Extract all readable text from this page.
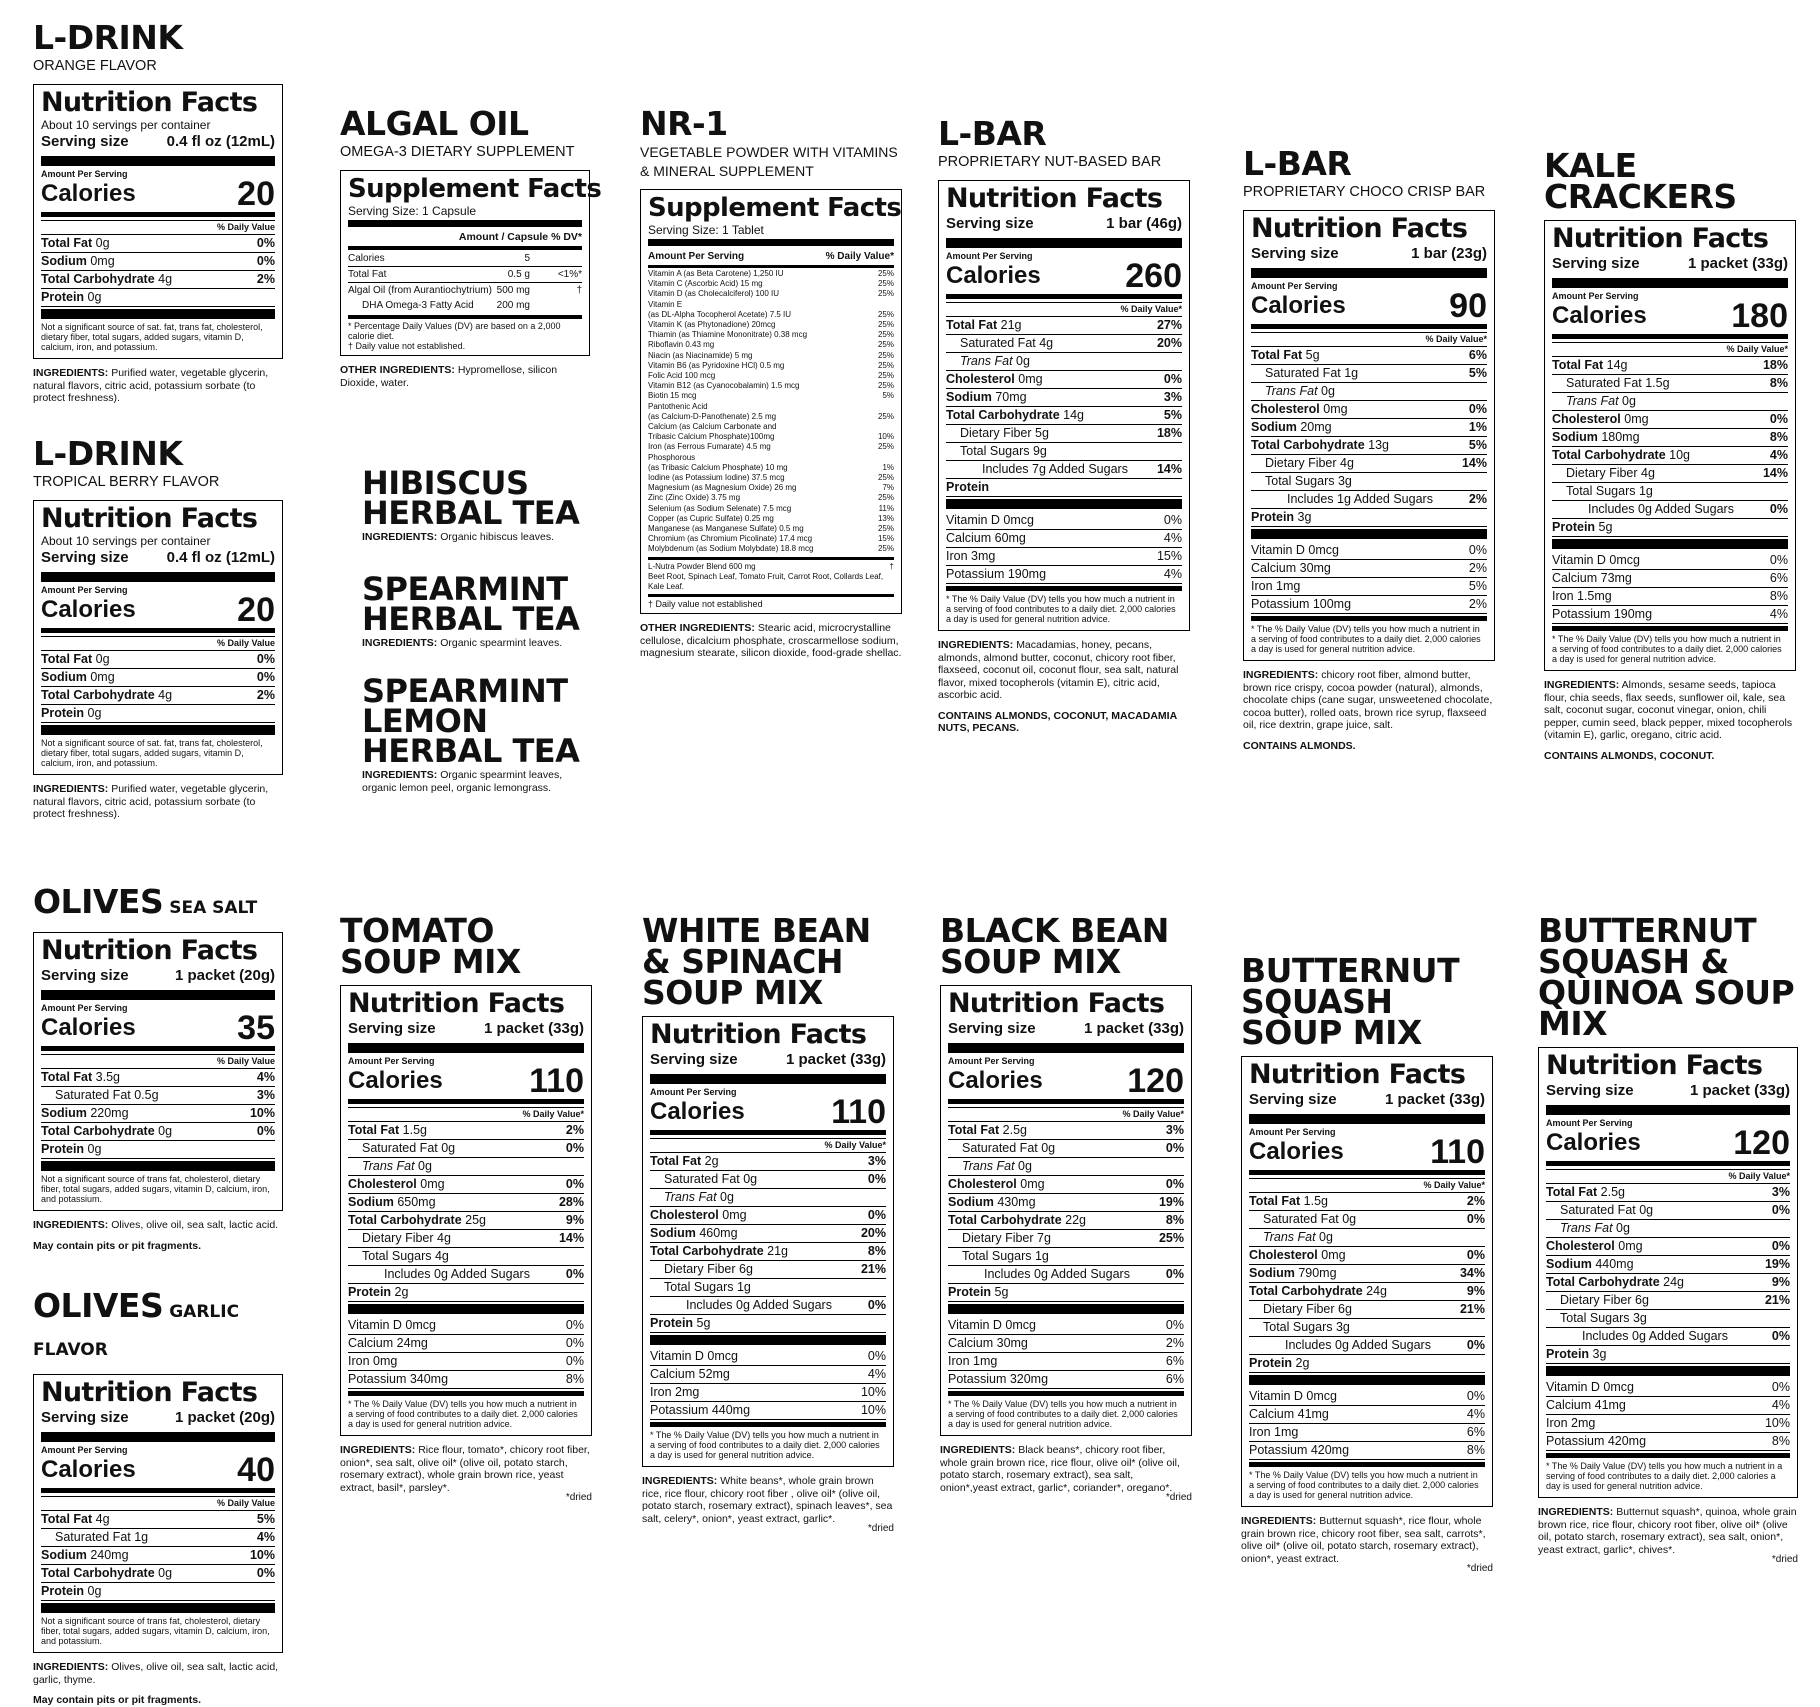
L-DRINK
ORANGE FLAVOR
Nutrition Facts
About 10 servings per container
Serving size	0.4 fl oz (12mL)
Amount Per Serving
Calories	20
% Daily Value
Total Fat 0g	0%
Sodium 0mg	0%
Total Carbohydrate 4g	2%
Protein 0g
Not a significant source of sat. fat, trans fat, cholesterol, dietary fiber, total sugars, added sugars, vitamin D, calcium, iron, and potassium.
INGREDIENTS: Purified water, vegetable glycerin, natural flavors, citric acid, potassium sorbate (to protect freshness).
L-DRINK
TROPICAL BERRY FLAVOR
Nutrition Facts
About 10 servings per container
Serving size	0.4 fl oz (12mL)
Amount Per Serving
Calories	20
% Daily Value
Total Fat 0g	0%
Sodium 0mg	0%
Total Carbohydrate 4g	2%
Protein 0g
Not a significant source of sat. fat, trans fat, cholesterol, dietary fiber, total sugars, added sugars, vitamin D, calcium, iron, and potassium.
INGREDIENTS: Purified water, vegetable glycerin, natural flavors, citric acid, potassium sorbate (to protect freshness).
ALGAL OIL
OMEGA-3 DIETARY SUPPLEMENT
Supplement Facts
Serving Size: 1 Capsule
Amount / Capsule % DV*
Calories	5
Total Fat	0.5 g	<1%*
Algal Oil (from Aurantiochytrium) 500 mg	†
DHA Omega-3 Fatty Acid 200 mg
* Percentage Daily Values (DV) are based on a 2,000 calorie diet.
† Daily value not established.
OTHER INGREDIENTS: Hypromellose, silicon Dioxide, water.
HIBISCUS HERBAL TEA
INGREDIENTS: Organic hibiscus leaves.
SPEARMINT HERBAL TEA
INGREDIENTS: Organic spearmint leaves.
SPEARMINT LEMON HERBAL TEA
INGREDIENTS: Organic spearmint leaves, organic lemon peel, organic lemongrass.
NR-1
VEGETABLE POWDER WITH VITAMINS & MINERAL SUPPLEMENT
Supplement Facts
Serving Size: 1 Tablet
Amount Per Serving	% Daily Value*
Vitamin A (as Beta Carotene) 1,250 IU	25%
Vitamin C (Ascorbic Acid) 15 mg	25%
Vitamin D (as Cholecalciferol) 100 IU	25%
Vitamin E
(as DL-Alpha Tocopherol Acetate) 7.5 IU	25%
Vitamin K (as Phytonadione) 20mcg	25%
Thiamin (as Thiamine Mononitrate) 0.38 mcg	25%
Riboflavin 0.43 mg	25%
Niacin (as Niacinamide) 5 mg	25%
Vitamin B6 (as Pyridoxine HCl) 0.5 mg	25%
Folic Acid 100 mcg	25%
Vitamin B12 (as Cyanocobalamin) 1.5 mcg	25%
Biotin 15 mcg	5%
Pantothenic Acid
(as Calcium-D-Panothenate) 2.5 mg	25%
Calcium (as Calcium Carbonate and
Tribasic Calcium Phosphate)100mg	10%
Iron (as Ferrous Fumarate) 4.5 mg	25%
Phosphorous
(as Tribasic Calcium Phosphate) 10 mg	1%
Iodine (as Potassium Iodine) 37.5 mcg	25%
Magnesium (as Magnesium Oxide) 26 mg	7%
Zinc (Zinc Oxide) 3.75 mg	25%
Selenium (as Sodium Selenate) 7.5 mcg	11%
Copper (as Cupric Sulfate) 0.25 mg	13%
Manganese (as Manganese Sulfate) 0.5 mg	25%
Chromium (as Chromium Picolinate) 17.4 mcg	15%
Molybdenum (as Sodium Molybdate) 18.8 mcg	25%
L-Nutra Powder Blend 600 mg	†
Beet Root, Spinach Leaf, Tomato Fruit, Carrot Root, Collards Leaf, Kale Leaf.
† Daily value not established
OTHER INGREDIENTS: Stearic acid, microcrystalline cellulose, dicalcium phosphate, croscarmellose sodium, magnesium stearate, silicon dioxide, food-grade shellac.
L-BAR
PROPRIETARY NUT-BASED BAR
Nutrition Facts
Serving size	1 bar (46g)
Amount Per Serving
Calories 260
% Daily Value*
Total Fat 21g	27%
Saturated Fat 4g	20%
Trans Fat 0g
Cholesterol 0mg	0%
Sodium 70mg	3%
Total Carbohydrate 14g	5%
Dietary Fiber 5g	18%
Total Sugars 9g
Includes 7g Added Sugars 14%
Protein
Vitamin D 0mcg	0%
Calcium 60mg	4%
Iron 3mg	15%
Potassium 190mg	4%
* The % Daily Value (DV) tells you how much a nutrient in a serving of food contributes to a daily diet. 2,000 calories a day is used for general nutrition advice.
INGREDIENTS: Macadamias, honey, pecans, almonds, almond butter, coconut, chicory root fiber, flaxseed, coconut oil, coconut flour, sea salt, natural flavor, mixed tocopherols (vitamin E), citric acid, ascorbic acid.
CONTAINS ALMONDS, COCONUT, MACADAMIA NUTS, PECANS.
L-BAR
PROPRIETARY CHOCO CRISP BAR
Nutrition Facts
Serving size	1 bar (23g)
Amount Per Serving
Calories	90
% Daily Value*
Total Fat 5g	6%
Saturated Fat 1g	5%
Trans Fat 0g
Cholesterol 0mg	0%
Sodium 20mg	1%
Total Carbohydrate 13g	5%
Dietary Fiber 4g	14%
Total Sugars 3g
Includes 1g Added Sugars	2%
Protein 3g
Vitamin D 0mcg	0%
Calcium 30mg	2%
Iron 1mg	5%
Potassium 100mg	2%
* The % Daily Value (DV) tells you how much a nutrient in a serving of food contributes to a daily diet. 2,000 calories a day is used for general nutrition advice.
INGREDIENTS: chicory root fiber, almond butter, brown rice crispy, cocoa powder (natural), almonds, chocolate chips (cane sugar, unsweetened chocolate, cocoa butter), rolled oats, brown rice syrup, flaxseed oil, rice dextrin, grape juice, salt.
CONTAINS ALMONDS.
KALE CRACKERS
Nutrition Facts
Serving size	1 packet (33g)
Amount Per Serving
Calories 180
% Daily Value*
Total Fat 14g	18%
Saturated Fat 1.5g	8%
Trans Fat 0g
Cholesterol 0mg	0%
Sodium 180mg	8%
Total Carbohydrate 10g	4%
Dietary Fiber 4g	14%
Total Sugars 1g
Includes 0g Added Sugars	0%
Protein 5g
Vitamin D 0mcg	0%
Calcium 73mg	6%
Iron 1.5mg	8%
Potassium 190mg	4%
* The % Daily Value (DV) tells you how much a nutrient in a serving of food contributes to a daily diet. 2,000 calories a day is used for general nutrition advice.
INGREDIENTS: Almonds, sesame seeds, tapioca flour, chia seeds, flax seeds, sunflower oil, kale, sea salt, coconut sugar, coconut vinegar, onion, chili pepper, cumin seed, black pepper, mixed tocopherols (vitamin E), garlic, oregano, citric acid.
CONTAINS ALMONDS, COCONUT.
OLIVES SEA SALT
Nutrition Facts
Serving size	1 packet (20g)
Amount Per Serving
Calories	35
% Daily Value
Total Fat 3.5g	4%
Saturated Fat 0.5g	3%
Sodium 220mg	10%
Total Carbohydrate 0g	0%
Protein 0g
Not a significant source of trans fat, cholesterol, dietary fiber, total sugars, added sugars, vitamin D, calcium, iron, and potassium.
INGREDIENTS: Olives, olive oil, sea salt, lactic acid.
May contain pits or pit fragments.
OLIVES GARLIC FLAVOR
Nutrition Facts
Serving size	1 packet (20g)
Amount Per Serving
Calories	40
% Daily Value
Total Fat 4g	5%
Saturated Fat 1g	4%
Sodium 240mg	10%
Total Carbohydrate 0g	0%
Protein 0g
Not a significant source of trans fat, cholesterol, dietary fiber, total sugars, added sugars, vitamin D, calcium, iron, and potassium.
INGREDIENTS: Olives, olive oil, sea salt, lactic acid, garlic, thyme.
May contain pits or pit fragments.
TOMATO SOUP MIX
Nutrition Facts
Serving size	1 packet (33g)
Amount Per Serving
Calories	110
% Daily Value*
Total Fat 1.5g	2%
Saturated Fat 0g	0%
Trans Fat 0g
Cholesterol 0mg	0%
Sodium 650mg	28%
Total Carbohydrate 25g	9%
Dietary Fiber 4g	14%
Total Sugars 4g
Includes 0g Added Sugars	0%
Protein 2g
Vitamin D 0mcg	0%
Calcium 24mg	0%
Iron 0mg	0%
Potassium 340mg	8%
* The % Daily Value (DV) tells you how much a nutrient in a serving of food contributes to a daily diet. 2,000 calories a day is used for general nutrition advice.
INGREDIENTS: Rice flour, tomato*, chicory root fiber, onion*, sea salt, olive oil* (olive oil, potato starch, rosemary extract), whole grain brown rice, yeast extract, basil*, parsley*.
*dried
WHITE BEAN & SPINACH SOUP MIX
Nutrition Facts
Serving size	1 packet (33g)
Amount Per Serving
Calories	110
% Daily Value*
Total Fat 2g	3%
Saturated Fat 0g	0%
Trans Fat 0g
Cholesterol 0mg	0%
Sodium 460mg	20%
Total Carbohydrate 21g	8%
Dietary Fiber 6g	21%
Total Sugars 1g
Includes 0g Added Sugars	0%
Protein 5g
Vitamin D 0mcg	0%
Calcium 52mg	4%
Iron 2mg	10%
Potassium 440mg	10%
* The % Daily Value (DV) tells you how much a nutrient in a serving of food contributes to a daily diet. 2,000 calories a day is used for general nutrition advice.
INGREDIENTS: White beans*, whole grain brown rice, rice flour, chicory root fiber , olive oil* (olive oil, potato starch, rosemary extract), spinach leaves*, sea salt, celery*, onion*, yeast extract, garlic*.
*dried
BLACK BEAN SOUP MIX
Nutrition Facts
Serving size	1 packet (33g)
Amount Per Serving
Calories 120
% Daily Value*
Total Fat 2.5g	3%
Saturated Fat 0g	0%
Trans Fat 0g
Cholesterol 0mg	0%
Sodium 430mg	19%
Total Carbohydrate 22g	8%
Dietary Fiber 7g	25%
Total Sugars 1g
Includes 0g Added Sugars	0%
Protein 5g
Vitamin D 0mcg	0%
Calcium 30mg	2%
Iron 1mg	6%
Potassium 320mg	6%
* The % Daily Value (DV) tells you how much a nutrient in a serving of food contributes to a daily diet. 2,000 calories a day is used for general nutrition advice.
INGREDIENTS: Black beans*, chicory root fiber, whole grain brown rice, rice flour, olive oil* (olive oil, potato starch, rosemary extract), sea salt, onion*,yeast extract, garlic*, coriander*, oregano*.
*dried
BUTTERNUT SQUASH SOUP MIX
Nutrition Facts
Serving size	1 packet (33g)
Amount Per Serving
Calories	110
% Daily Value*
Total Fat 1.5g	2%
Saturated Fat 0g	0%
Trans Fat 0g
Cholesterol 0mg	0%
Sodium 790mg	34%
Total Carbohydrate 24g	9%
Dietary Fiber 6g	21%
Total Sugars 3g
Includes 0g Added Sugars	0%
Protein 2g
Vitamin D 0mcg	0%
Calcium 41mg	4%
Iron 1mg	6%
Potassium 420mg	8%
* The % Daily Value (DV) tells you how much a nutrient in a serving of food contributes to a daily diet. 2,000 calories a day is used for general nutrition advice.
INGREDIENTS: Butternut squash*, rice flour, whole grain brown rice, chicory root fiber, sea salt, carrots*, olive oil* (olive oil, potato starch, rosemary extract), onion*, yeast extract.
*dried
BUTTERNUT SQUASH & QUINOA SOUP MIX
Nutrition Facts
Serving size	1 packet (33g)
Amount Per Serving
Calories	120
% Daily Value*
Total Fat 2.5g	3%
Saturated Fat 0g	0%
Trans Fat 0g
Cholesterol 0mg	0%
Sodium 440mg	19%
Total Carbohydrate 24g	9%
Dietary Fiber 6g	21%
Total Sugars 3g
Includes 0g Added Sugars	0%
Protein 3g
Vitamin D 0mcg	0%
Calcium 41mg	4%
Iron 2mg	10%
Potassium 420mg	8%
* The % Daily Value (DV) tells you how much a nutrient in a serving of food contributes to a daily diet. 2,000 calories a day is used for general nutrition advice.
INGREDIENTS: Butternut squash*, quinoa, whole grain brown rice, rice flour, chicory root fiber, olive oil* (olive oil, potato starch, rosemary extract), sea salt, onion*, yeast extract, garlic*, chives*.
*dried
